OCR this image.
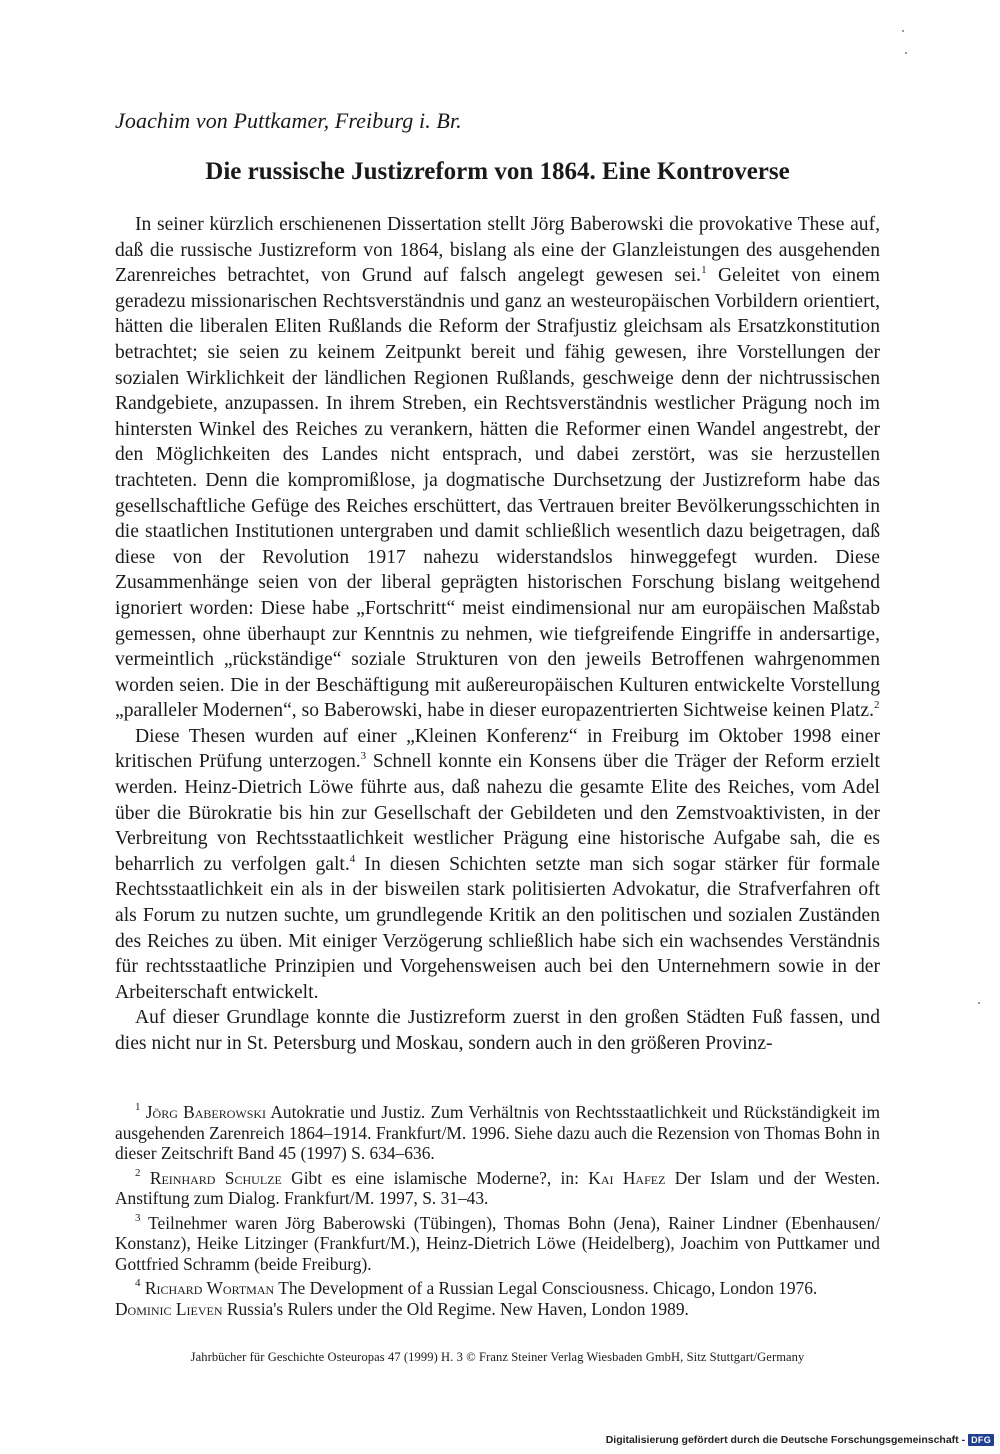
Joachim von Puttkamer, Freiburg i. Br.
Die russische Justizreform von 1864. Eine Kontroverse

In seiner kürzlich erschienenen Dissertation stellt Jörg Baberowski die provokative These auf, daß die russische Justizreform von 1864, bislang als eine der Glanzleistungen des ausgehenden Zarenreiches betrachtet, von Grund auf falsch angelegt gewesen sei.$^1$ Geleitet von einem geradezu missionarischen Rechtsverständnis und ganz an westeuropäischen Vorbildern orientiert, hätten die liberalen Eliten Rußlands die Reform der Strafjustiz gleichsam als Ersatzkonstitution betrachtet; sie seien zu keinem Zeitpunkt bereit und fähig gewesen, ihre Vorstellungen der sozialen Wirklichkeit der ländlichen Regionen Rußlands, geschweige denn der nichtrussischen Randgebiete, anzupassen. In ihrem Streben, ein Rechtsverständnis westlicher Prägung noch im hintersten Winkel des Reiches zu verankern, hätten die Reformer einen Wandel angestrebt, der den Möglichkeiten des Landes nicht entsprach, und dabei zerstört, was sie herzustellen trachteten. Denn die kompromißlose, ja dogmatische Durchsetzung der Justizreform habe das gesellschaftliche Gefüge des Reiches erschüttert, das Vertrauen breiter Bevölkerungsschichten in die staatlichen Institutionen untergraben und damit schließlich wesentlich dazu beigetragen, daß diese von der Revolution 1917 nahezu widerstandslos hinweggefegt wurden. Diese Zusammenhänge seien von der liberal geprägten historischen Forschung bislang weitgehend ignoriert worden: Diese habe „Fortschritt“ meist eindimensional nur am europäischen Maßstab gemessen, ohne überhaupt zur Kenntnis zu nehmen, wie tiefgreifende Eingriffe in andersartige, vermeintlich „rückständige“ soziale Strukturen von den jeweils Betroffenen wahrgenommen worden seien. Die in der Beschäftigung mit außereuropäischen Kulturen entwickelte Vorstellung „paralleler Modernen“, so Baberowski, habe in dieser europazentrierten Sichtweise keinen Platz.$^2$

Diese Thesen wurden auf einer „Kleinen Konferenz“ in Freiburg im Oktober 1998 einer kritischen Prüfung unterzogen.$^3$ Schnell konnte ein Konsens über die Träger der Reform erzielt werden. Heinz-Dietrich Löwe führte aus, daß nahezu die gesamte Elite des Reiches, vom Adel über die Bürokratie bis hin zur Gesellschaft der Gebildeten und den Zemstvoaktivisten, in der Verbreitung von Rechtsstaatlichkeit westlicher Prägung eine historische Aufgabe sah, die es beharrlich zu verfolgen galt.$^4$ In diesen Schichten setzte man sich sogar stärker für formale Rechtsstaatlichkeit ein als in der bisweilen stark politisierten Advokatur, die Strafverfahren oft als Forum zu nutzen suchte, um grundlegende Kritik an den politischen und sozialen Zuständen des Reiches zu üben. Mit einiger Verzögerung schließlich habe sich ein wachsendes Verständnis für rechtsstaatliche Prinzipien und Vorgehensweisen auch bei den Unternehmern sowie in der Arbeiterschaft entwickelt.

Auf dieser Grundlage konnte die Justizreform zuerst in den großen Städten Fuß fassen, und dies nicht nur in St. Petersburg und Moskau, sondern auch in den größeren Provinz-

$^1$ Jörg Baberowski Autokratie und Justiz. Zum Verhältnis von Rechtsstaatlichkeit und Rückständigkeit im ausgehenden Zarenreich 1864–1914. Frankfurt/M. 1996. Siehe dazu auch die Rezension von Thomas Bohn in dieser Zeitschrift Band 45 (1997) S. 634–636.

$^2$ Reinhard Schulze Gibt es eine islamische Moderne?, in: Kai Hafez Der Islam und der Westen. Anstiftung zum Dialog. Frankfurt/M. 1997, S. 31–43.

$^3$ Teilnehmer waren Jörg Baberowski (Tübingen), Thomas Bohn (Jena), Rainer Lindner (Ebenhausen/ Konstanz), Heike Litzinger (Frankfurt/M.), Heinz-Dietrich Löwe (Heidelberg), Joachim von Puttkamer und Gottfried Schramm (beide Freiburg).

$^4$ Richard Wortman The Development of a Russian Legal Consciousness. Chicago, London 1976.
Dominic Lieven Russia's Rulers under the Old Regime. New Haven, London 1989.

Jahrbücher für Geschichte Osteuropas 47 (1999) H. 3 © Franz Steiner Verlag Wiesbaden GmbH, Sitz Stuttgart/Germany
Digitalisierung gefördert durch die Deutsche Forschungsgemeinschaft - DFG
